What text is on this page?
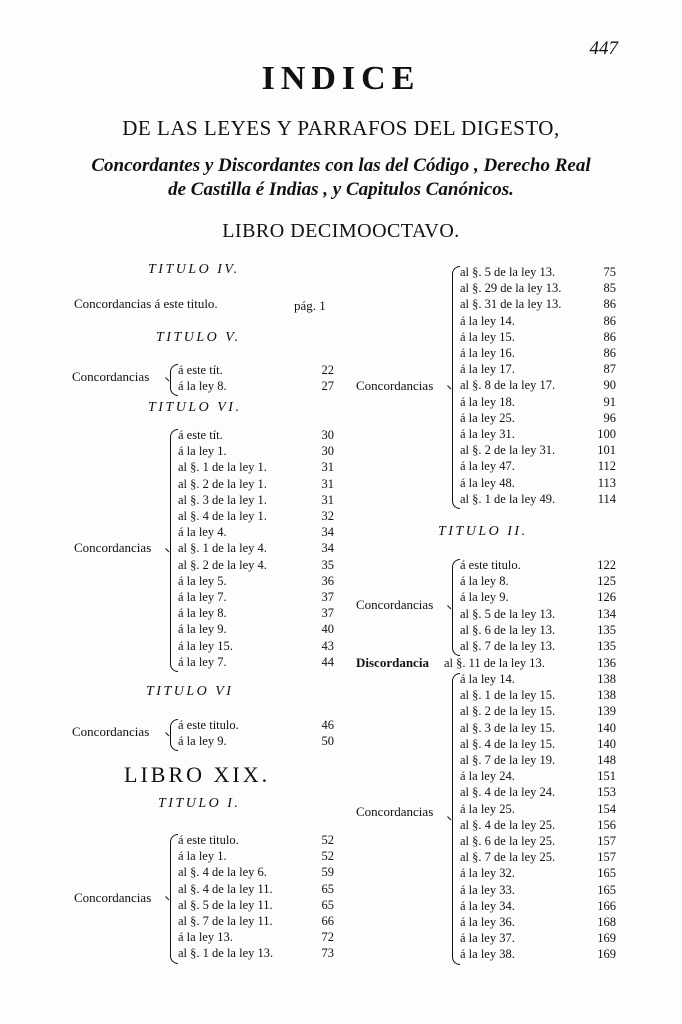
447
INDICE
DE LAS LEYES Y PARRAFOS DEL DIGESTO,
Concordantes y Discordantes con las del Código , Derecho Real
de Castilla é Indias , y Capitulos Canónicos.
LIBRO DECIMOOCTAVO.
TITULO IV.
Concordancias á este titulo.	pág. 1
TITULO V.
Concordancias á este tít.	22
á la ley 8.	27
TITULO VI.
Concordancias
á este tít.	30
á la ley 1.	30
al §. 1 de la ley 1.	31
al §. 2 de la ley 1.	31
al §. 3 de la ley 1.	31
al §. 4 de la ley 1.	32
á la ley 4.	34
al §. 1 de la ley 4.	34
al §. 2 de la ley 4.	35
á la ley 5.	36
á la ley 7.	37
á la ley 8.	37
á la ley 9.	40
á la ley 15.	43
á la ley 7.	44
TITULO VI
Concordancias á este titulo.	46
á la ley 9.	50
LIBRO XIX.
TITULO I.
Concordancias
á este titulo.	52
á la ley 1.	52
al §. 4 de la ley 6.	59
al §. 4 de la ley 11.	65
al §. 5 de la ley 11.	65
al §. 7 de la ley 11.	66
á la ley 13.	72
al §. 1 de la ley 13.	73
Concordancias
al §. 5 de la ley 13.	75
al §. 29 de la ley 13.	85
al §. 31 de la ley 13.	86
á la ley 14.	86
á la ley 15.	86
á la ley 16.	86
á la ley 17.	87
al §. 8 de la ley 17.	90
á la ley 18.	91
á la ley 25.	96
á la ley 31.	100
al §. 2 de la ley 31.	101
á la ley 47.	112
á la ley 48.	113
al §. 1 de la ley 49.	114
TITULO II.
Concordancias
á este titulo.	122
á la ley 8.	125
á la ley 9.	126
al §. 5 de la ley 13.	134
al §. 6 de la ley 13.	135
al §. 7 de la ley 13.	135
Discordancia al §. 11 de la ley 13.	136
Concordancias
á la ley 14.	138
al §. 1 de la ley 15.	138
al §. 2 de la ley 15.	139
al §. 3 de la ley 15.	140
al §. 4 de la ley 15.	140
al §. 7 de la ley 19.	148
á la ley 24.	151
al §. 4 de la ley 24.	153
á la ley 25.	154
al §. 4 de la ley 25.	156
al §. 6 de la ley 25.	157
al §. 7 de la ley 25.	157
á la ley 32.	165
á la ley 33.	165
á la ley 34.	166
á la ley 36.	168
á la ley 37.	169
á la ley 38.	169
